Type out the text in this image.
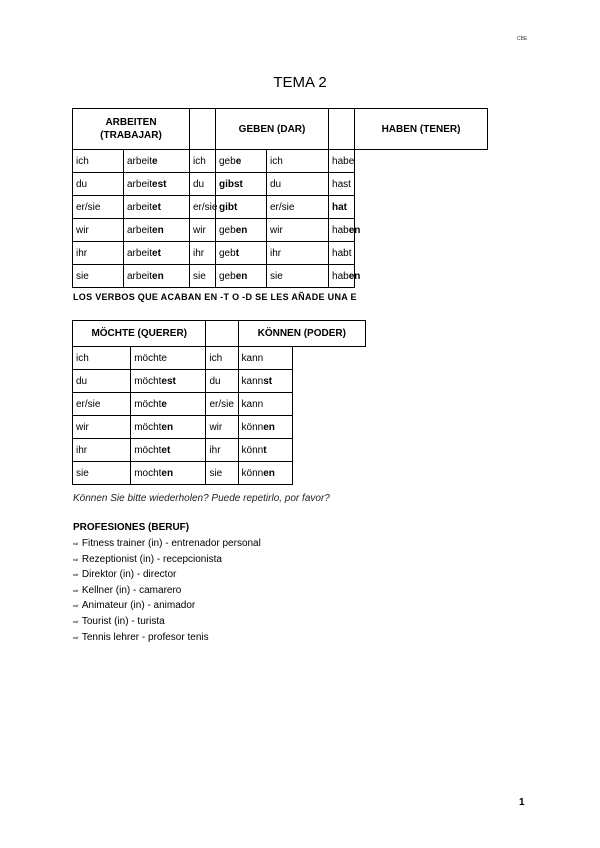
CBE
TEMA 2
ARBEITEN (TRABAJAR)			GEBEN (DAR)			HABEN (TENER)
ich	arbeite	ich	gebe	ich	habe	
du	arbeitest	du	gibst	du	hast	
er/sie	arbeitet	er/sie	gibt	er/sie	hat	
wir	arbeiten	wir	geben	wir	haben	
ihr	arbeitet	ihr	gebt	ihr	habt	
sie	arbeiten	sie	geben	sie	haben	
LOS VERBOS QUE ACABAN EN -T O -D SE LES AÑADE UNA E
MÖCHTE (QUERER)			KÖNNEN (PODER)
ich	möchte	ich	kann
du	möchtest	du	kannst
er/sie	möchte	er/sie	kann
wir	möchten	wir	können
ihr	möchtet	ihr	könnt
sie	mochten	sie	können
Können Sie bitte wiederholen? Puede repetirlo, por favor?
PROFESIONES (BERUF)
⇨ Fitness trainer (in) - entrenador personal
⇨ Rezeptionist (in) - recepcionista
⇨ Direktor (in) - director
⇨ Kellner (in) - camarero
⇨ Animateur (in) - animador
⇨ Tourist (in) - turista
⇨ Tennis lehrer - profesor tenis
1
